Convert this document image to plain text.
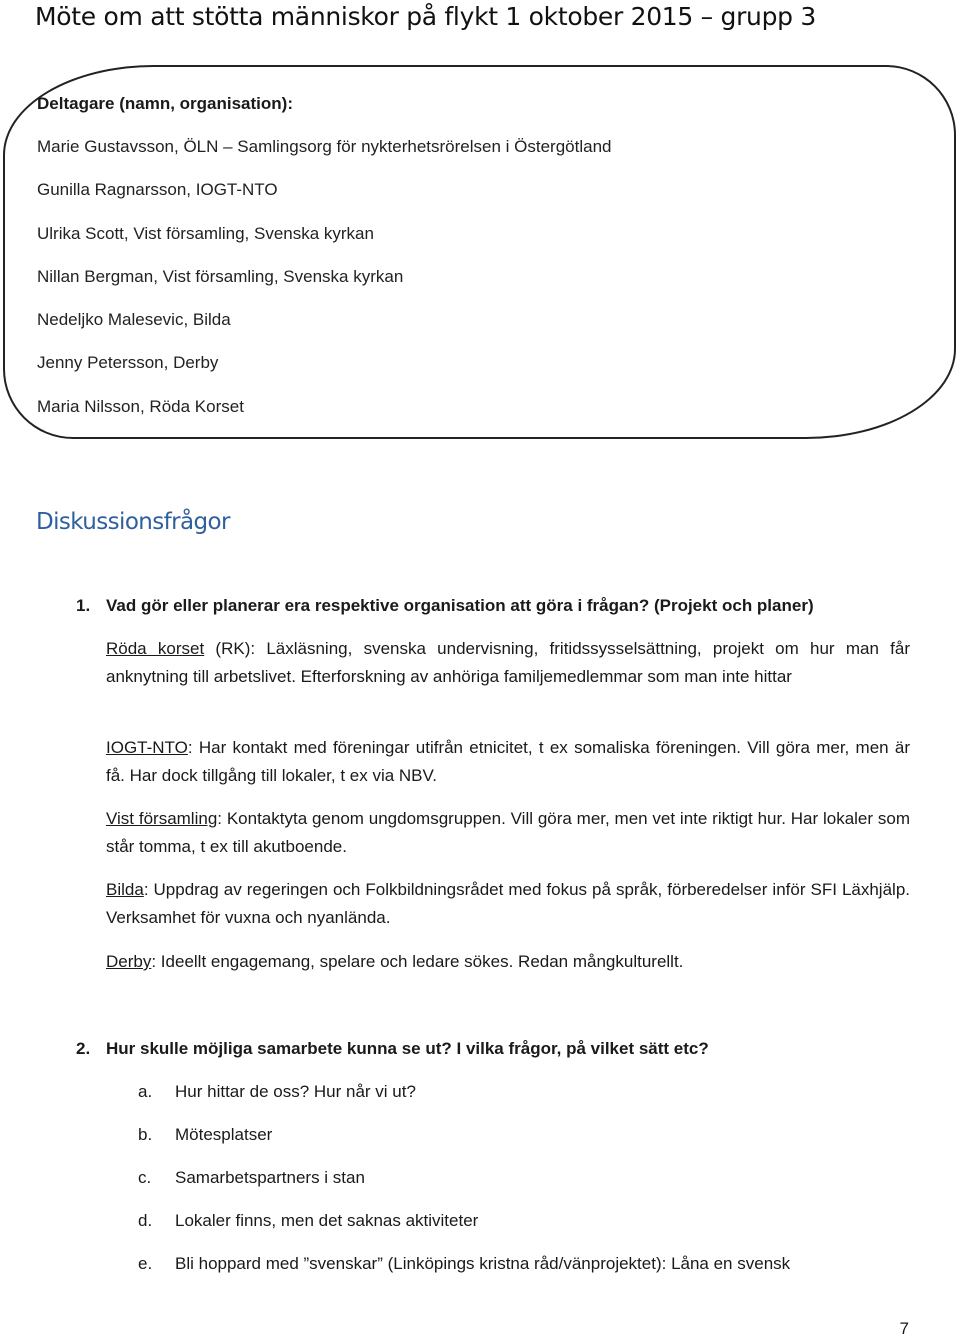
Möte om att stötta människor på flykt 1 oktober 2015 – grupp 3

Deltagare (namn, organisation):

Marie Gustavsson, ÖLN – Samlingsorg för nykterhetsrörelsen i Östergötland

Gunilla Ragnarsson, IOGT-NTO

Ulrika Scott, Vist församling, Svenska kyrkan

Nillan Bergman, Vist församling, Svenska kyrkan

Nedeljko Malesevic, Bilda

Jenny Petersson, Derby

Maria Nilsson, Röda Korset

Diskussionsfrågor

1. Vad gör eller planerar era respektive organisation att göra i frågan? (Projekt och planer)

Röda korset (RK): Läxläsning, svenska undervisning, fritidssysselsättning, projekt om hur man får anknytning till arbetslivet. Efterforskning av anhöriga familjemedlemmar som man inte hittar

IOGT-NTO: Har kontakt med föreningar utifrån etnicitet, t ex somaliska föreningen. Vill göra mer, men är få. Har dock tillgång till lokaler, t ex via NBV.

Vist församling: Kontaktyta genom ungdomsgruppen. Vill göra mer, men vet inte riktigt hur. Har lokaler som står tomma, t ex till akutboende.

Bilda: Uppdrag av regeringen och Folkbildningsrådet med fokus på språk, förberedelser inför SFI Läxhjälp. Verksamhet för vuxna och nyanlända.

Derby: Ideellt engagemang, spelare och ledare sökes. Redan mångkulturellt.

2. Hur skulle möjliga samarbete kunna se ut? I vilka frågor, på vilket sätt etc?

a. Hur hittar de oss? Hur når vi ut?

b. Mötesplatser

c. Samarbetspartners i stan

d. Lokaler finns, men det saknas aktiviteter

e. Bli hoppard med ”svenskar” (Linköpings kristna råd/vänprojektet): Låna en svensk

7
